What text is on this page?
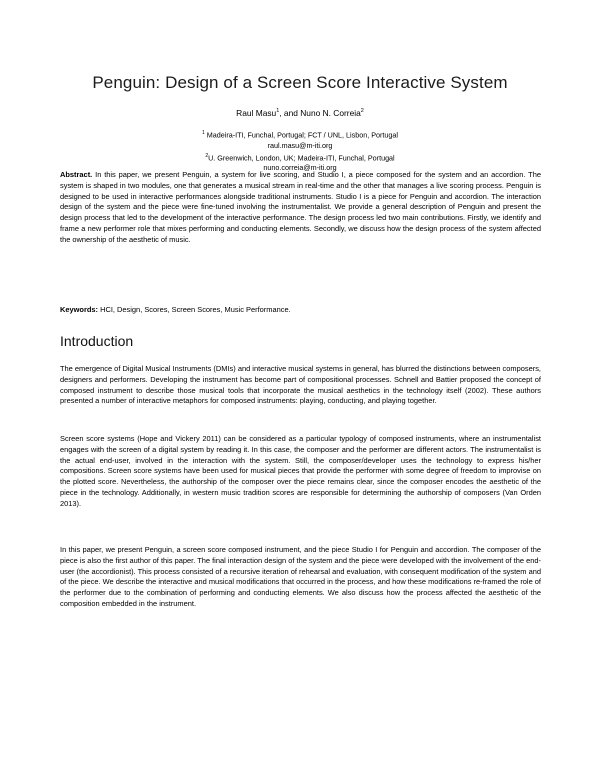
Penguin: Design of a Screen Score Interactive System
Raul Masu$^1$, and Nuno N. Correia$^2$
$^1$ Madeira-ITI, Funchal, Portugal; FCT / UNL, Lisbon, Portugal
raul.masu@m-iti.org
$^2$U. Greenwich, London, UK; Madeira-ITI, Funchal, Portugal
nuno.correia@m-iti.org
Abstract. In this paper, we present Penguin, a system for live scoring, and Studio I, a piece composed for the system and an accordion. The system is shaped in two modules, one that generates a musical stream in real-time and the other that manages a live scoring process. Penguin is designed to be used in interactive performances alongside traditional instruments. Studio I is a piece for Penguin and accordion. The interaction design of the system and the piece were fine-tuned involving the instrumentalist. We provide a general description of Penguin and present the design process that led to the development of the interactive performance. The design process led two main contributions. Firstly, we identify and frame a new performer role that mixes performing and conducting elements. Secondly, we discuss how the design process of the system affected the ownership of the aesthetic of music.
Keywords: HCI, Design, Scores, Screen Scores, Music Performance.
Introduction
The emergence of Digital Musical Instruments (DMIs) and interactive musical systems in general, has blurred the distinctions between composers, designers and performers. Developing the instrument has become part of compositional processes. Schnell and Battier proposed the concept of composed instrument to describe those musical tools that incorporate the musical aesthetics in the technology itself (2002). These authors presented a number of interactive metaphors for composed instruments: playing, conducting, and playing together.
Screen score systems (Hope and Vickery 2011) can be considered as a particular typology of composed instruments, where an instrumentalist engages with the screen of a digital system by reading it. In this case, the composer and the performer are different actors. The instrumentalist is the actual end-user, involved in the interaction with the system. Still, the composer/developer uses the technology to express his/her compositions. Screen score systems have been used for musical pieces that provide the performer with some degree of freedom to improvise on the plotted score. Nevertheless, the authorship of the composer over the piece remains clear, since the composer encodes the aesthetic of the piece in the technology. Additionally, in western music tradition scores are responsible for determining the authorship of composers (Van Orden 2013).
In this paper, we present Penguin, a screen score composed instrument, and the piece Studio I for Penguin and accordion. The composer of the piece is also the first author of this paper. The final interaction design of the system and the piece were developed with the involvement of the end-user (the accordionist). This process consisted of a recursive iteration of rehearsal and evaluation, with consequent modification of the system and of the piece. We describe the interactive and musical modifications that occurred in the process, and how these modifications re-framed the role of the performer due to the combination of performing and conducting elements. We also discuss how the process affected the aesthetic of the composition embedded in the instrument.
